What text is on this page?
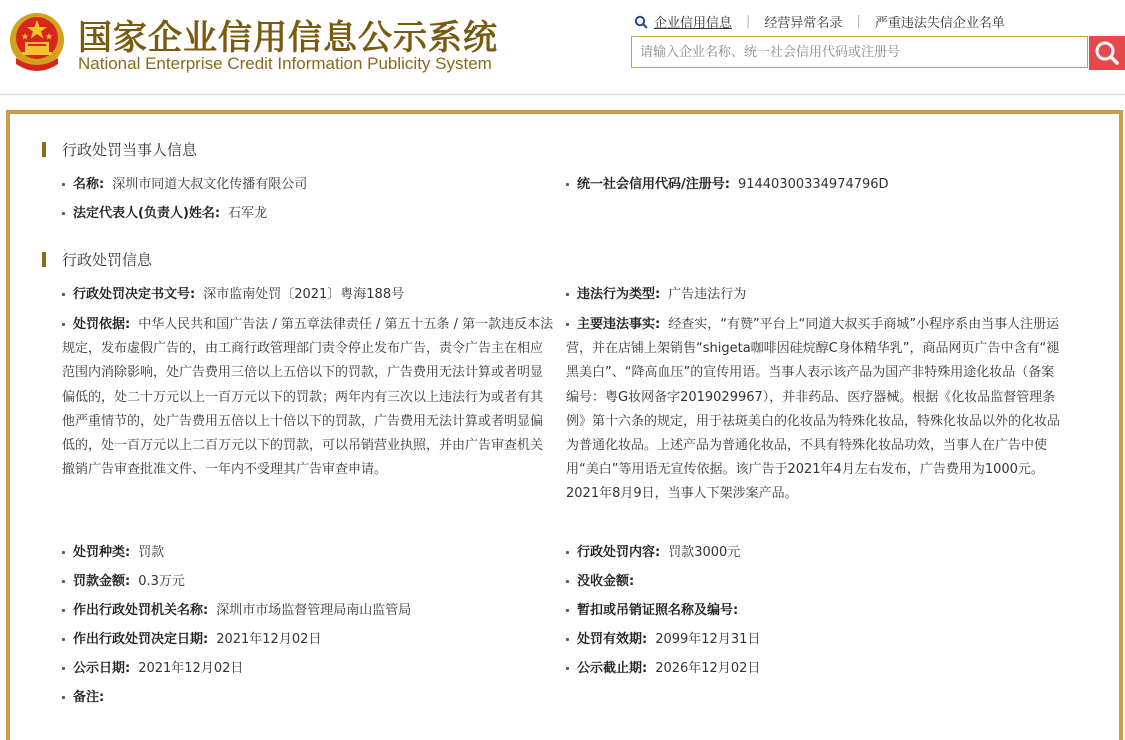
国家企业信用信息公示系统
National Enterprise Credit Information Publicity System
企业信用信息 | 经营异常名录 | 严重违法失信企业名单
请输入企业名称、统一社会信用代码或注册号
行政处罚当事人信息
名称: 深圳市同道大叔文化传播有限公司	统一社会信用代码/注册号: 91440300334974796D
法定代表人(负责人)姓名: 石军龙
行政处罚信息
行政处罚决定书文号: 深市监南处罚〔2021〕粤海188号	违法行为类型: 广告违法行为
处罚依据: 中华人民共和国广告法 / 第五章法律责任 / 第五十五条 / 第一款违反本法规定，发布虚假广告的，由工商行政管理部门责令停止发布广告，责令广告主在相应范围内消除影响，处广告费用三倍以上五倍以下的罚款，广告费用无法计算或者明显偏低的，处二十万元以上一百万元以下的罚款；两年内有三次以上违法行为或者有其他严重情节的，处广告费用五倍以上十倍以下的罚款，广告费用无法计算或者明显偏低的，处一百万元以上二百万元以下的罚款，可以吊销营业执照，并由广告审查机关撤销广告审查批准文件、一年内不受理其广告审查申请。
主要违法事实: 经查实，“有赞”平台上“同道大叔买手商城”小程序系由当事人注册运营，并在店铺上架销售“shigeta咖啡因硅烷醇C身体精华乳”，商品网页广告中含有“褪黑美白”、“降高血压”的宣传用语。当事人表示该产品为国产非特殊用途化妆品（备案编号：粤G妆网备字2019029967），并非药品、医疗器械。根据《化妆品监督管理条例》第十六条的规定，用于祛斑美白的化妆品为特殊化妆品，特殊化妆品以外的化妆品为普通化妆品。上述产品为普通化妆品，不具有特殊化妆品功效，当事人在广告中使用“美白”等用语无宣传依据。该广告于2021年4月左右发布，广告费用为1000元。2021年8月9日，当事人下架涉案产品。
处罚种类: 罚款	行政处罚内容: 罚款3000元
罚款金额: 0.3万元	没收金额:
作出行政处罚机关名称: 深圳市市场监督管理局南山监管局	暂扣或吊销证照名称及编号:
作出行政处罚决定日期: 2021年12月02日	处罚有效期: 2099年12月31日
公示日期: 2021年12月02日	公示截止期: 2026年12月02日
备注:
